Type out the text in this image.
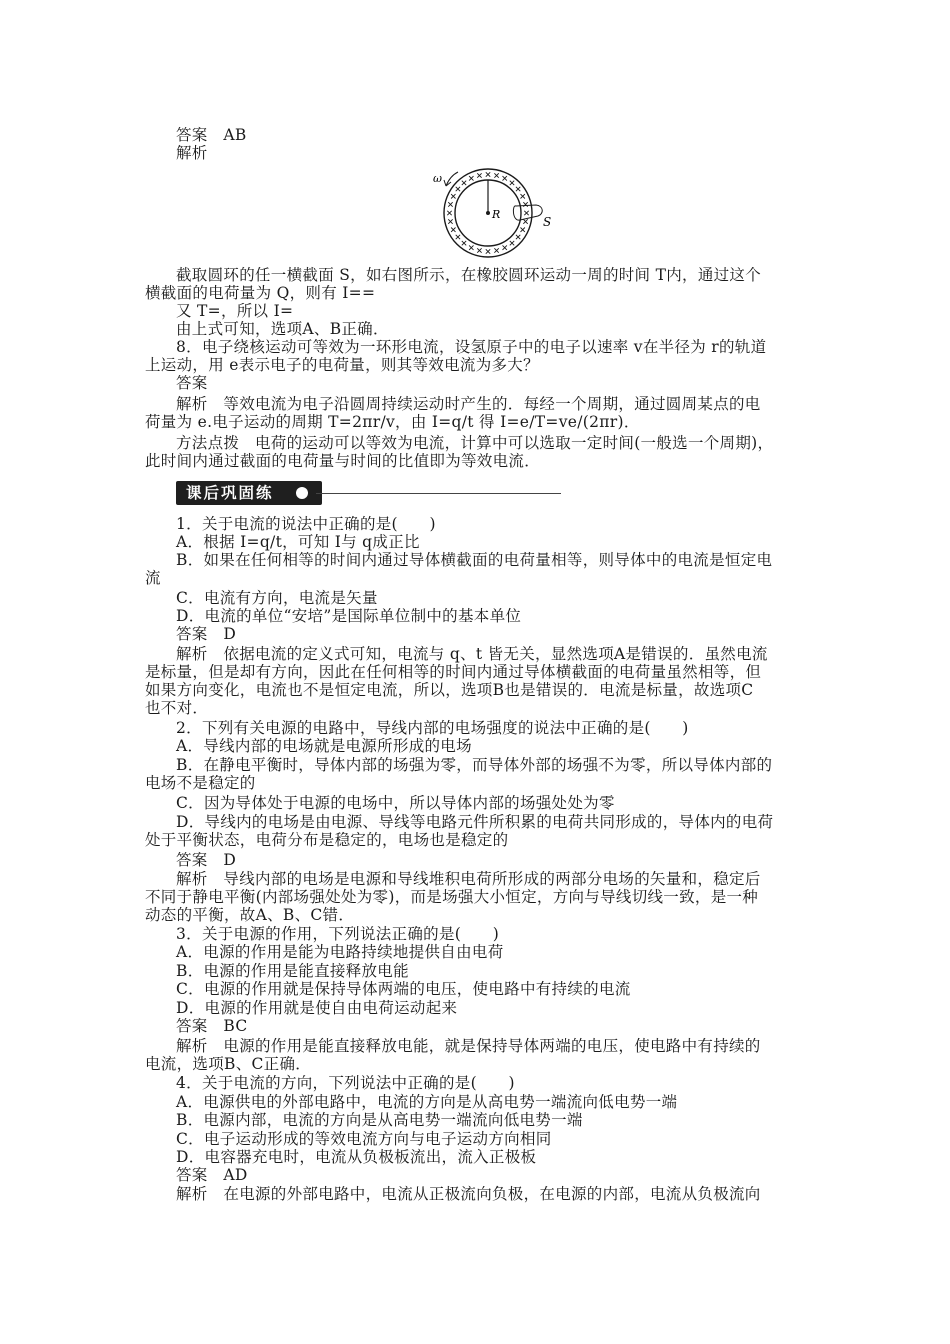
答案　AB
解析
R
S
ω
截取圆环的任一横截面 S，如右图所示，在橡胶圆环运动一周的时间 T内，通过这个
横截面的电荷量为 Q，则有 I==
又 T=，所以 I=
由上式可知，选项A、B正确．
8．电子绕核运动可等效为一环形电流，设氢原子中的电子以速率 v在半径为 r的轨道
上运动，用 e表示电子的电荷量，则其等效电流为多大？
答案
解析　等效电流为电子沿圆周持续运动时产生的．每经一个周期，通过圆周某点的电
荷量为 e.电子运动的周期 T=2πr/v，由 I=q/t 得 I=e/T=ve/(2πr)．
方法点拨　电荷的运动可以等效为电流，计算中可以选取一定时间(一般选一个周期)，
此时间内通过截面的电荷量与时间的比值即为等效电流．
课后巩固练
1．关于电流的说法中正确的是(　　)
A．根据 I=q/t，可知 I与 q成正比
B．如果在任何相等的时间内通过导体横截面的电荷量相等，则导体中的电流是恒定电
流
C．电流有方向，电流是矢量
D．电流的单位“安培”是国际单位制中的基本单位
答案　D
解析　依据电流的定义式可知，电流与 q、t 皆无关，显然选项A是错误的．虽然电流
是标量，但是却有方向，因此在任何相等的时间内通过导体横截面的电荷量虽然相等，但
如果方向变化，电流也不是恒定电流，所以，选项B也是错误的．电流是标量，故选项C
也不对．
2．下列有关电源的电路中，导线内部的电场强度的说法中正确的是(　　)
A．导线内部的电场就是电源所形成的电场
B．在静电平衡时，导体内部的场强为零，而导体外部的场强不为零，所以导体内部的
电场不是稳定的
C．因为导体处于电源的电场中，所以导体内部的场强处处为零
D．导线内的电场是由电源、导线等电路元件所积累的电荷共同形成的，导体内的电荷
处于平衡状态，电荷分布是稳定的，电场也是稳定的
答案　D
解析　导线内部的电场是电源和导线堆积电荷所形成的两部分电场的矢量和，稳定后
不同于静电平衡(内部场强处处为零)，而是场强大小恒定，方向与导线切线一致，是一种
动态的平衡，故A、B、C错．
3．关于电源的作用，下列说法正确的是(　　)
A．电源的作用是能为电路持续地提供自由电荷
B．电源的作用是能直接释放电能
C．电源的作用就是保持导体两端的电压，使电路中有持续的电流
D．电源的作用就是使自由电荷运动起来
答案　BC
解析　电源的作用是能直接释放电能，就是保持导体两端的电压，使电路中有持续的
电流，选项B、C正确．
4．关于电流的方向，下列说法中正确的是(　　)
A．电源供电的外部电路中，电流的方向是从高电势一端流向低电势一端
B．电源内部，电流的方向是从高电势一端流向低电势一端
C．电子运动形成的等效电流方向与电子运动方向相同
D．电容器充电时，电流从负极板流出，流入正极板
答案　AD
解析　在电源的外部电路中，电流从正极流向负极，在电源的内部，电流从负极流向
